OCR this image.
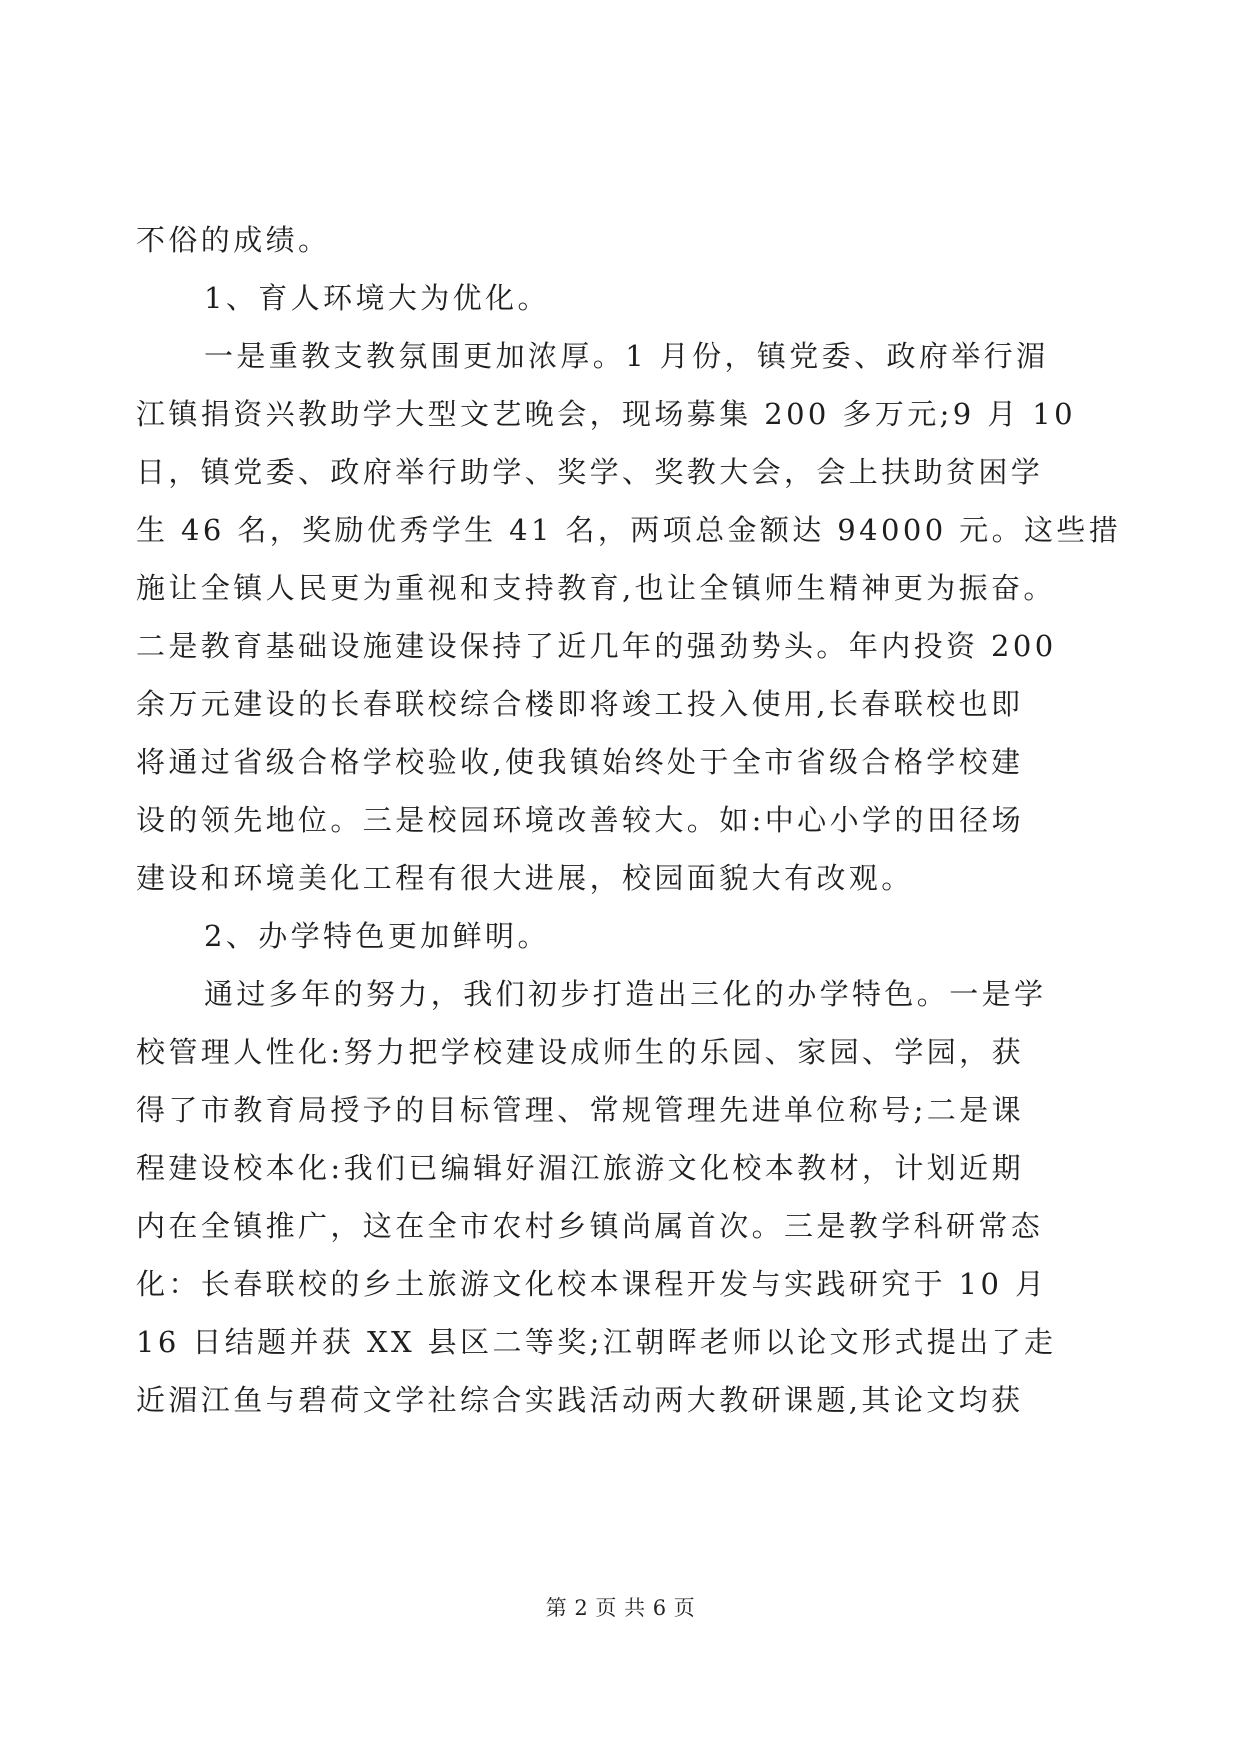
不俗的成绩。
1、育人环境大为优化。
一是重教支教氛围更加浓厚。1 月份，镇党委、政府举行湄
江镇捐资兴教助学大型文艺晚会，现场募集 200 多万元;9 月 10
日，镇党委、政府举行助学、奖学、奖教大会，会上扶助贫困学
生 46 名，奖励优秀学生 41 名，两项总金额达 94000 元。这些措
施让全镇人民更为重视和支持教育,也让全镇师生精神更为振奋。
二是教育基础设施建设保持了近几年的强劲势头。年内投资 200
余万元建设的长春联校综合楼即将竣工投入使用,长春联校也即
将通过省级合格学校验收,使我镇始终处于全市省级合格学校建
设的领先地位。三是校园环境改善较大。如:中心小学的田径场
建设和环境美化工程有很大进展，校园面貌大有改观。
2、办学特色更加鲜明。
通过多年的努力，我们初步打造出三化的办学特色。一是学
校管理人性化:努力把学校建设成师生的乐园、家园、学园，获
得了市教育局授予的目标管理、常规管理先进单位称号;二是课
程建设校本化:我们已编辑好湄江旅游文化校本教材，计划近期
内在全镇推广，这在全市农村乡镇尚属首次。三是教学科研常态
化：长春联校的乡土旅游文化校本课程开发与实践研究于 10 月
16 日结题并获 XX 县区二等奖;江朝晖老师以论文形式提出了走
近湄江鱼与碧荷文学社综合实践活动两大教研课题,其论文均获
第 2 页 共 6 页
